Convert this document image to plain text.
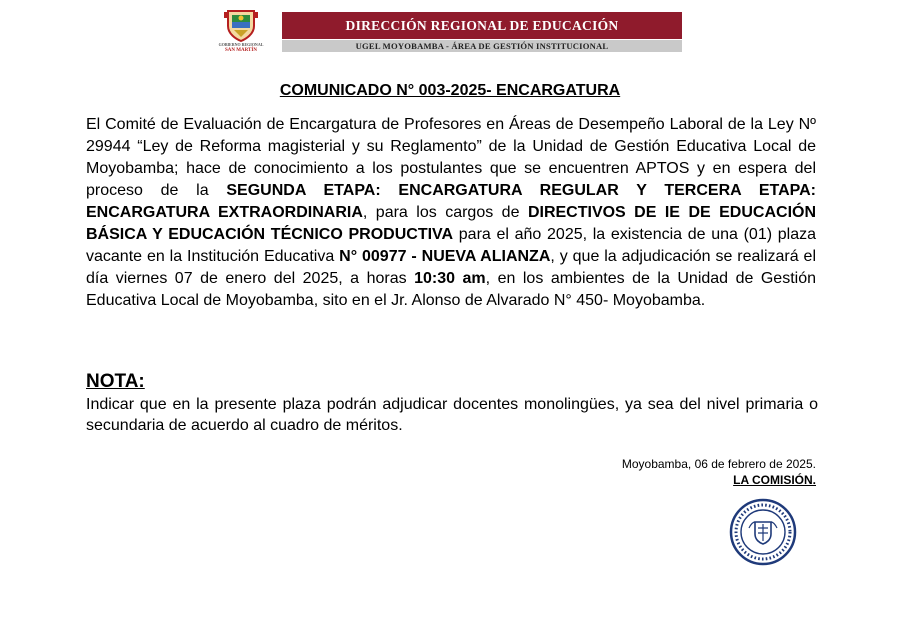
GOBIERNO REGIONAL
SAN MARTÍN
DIRECCIÓN REGIONAL DE EDUCACIÓN
UGEL MOYOBAMBA - ÁREA DE GESTIÓN INSTITUCIONAL
COMUNICADO N° 003-2025- ENCARGATURA
El Comité de Evaluación de Encargatura de Profesores en Áreas de Desempeño Laboral de la Ley Nº 29944 “Ley de Reforma magisterial y su Reglamento” de la Unidad de Gestión Educativa Local de Moyobamba; hace de conocimiento a los postulantes que se encuentren APTOS y en espera del proceso de la SEGUNDA ETAPA: ENCARGATURA REGULAR Y TERCERA ETAPA: ENCARGATURA EXTRAORDINARIA, para los cargos de DIRECTIVOS DE IE DE EDUCACIÓN BÁSICA Y EDUCACIÓN TÉCNICO PRODUCTIVA para el año 2025, la existencia de una (01) plaza vacante en la Institución Educativa N° 00977 - NUEVA ALIANZA, y que la adjudicación se realizará el día viernes 07 de enero del 2025, a horas 10:30 am, en los ambientes de la Unidad de Gestión Educativa Local de Moyobamba, sito en el Jr. Alonso de Alvarado N° 450- Moyobamba.
NOTA:
Indicar que en la presente plaza podrán adjudicar docentes monolingües, ya sea del nivel primaria o secundaria de acuerdo al cuadro de méritos.
Moyobamba, 06 de febrero de 2025.
LA COMISIÓN.
